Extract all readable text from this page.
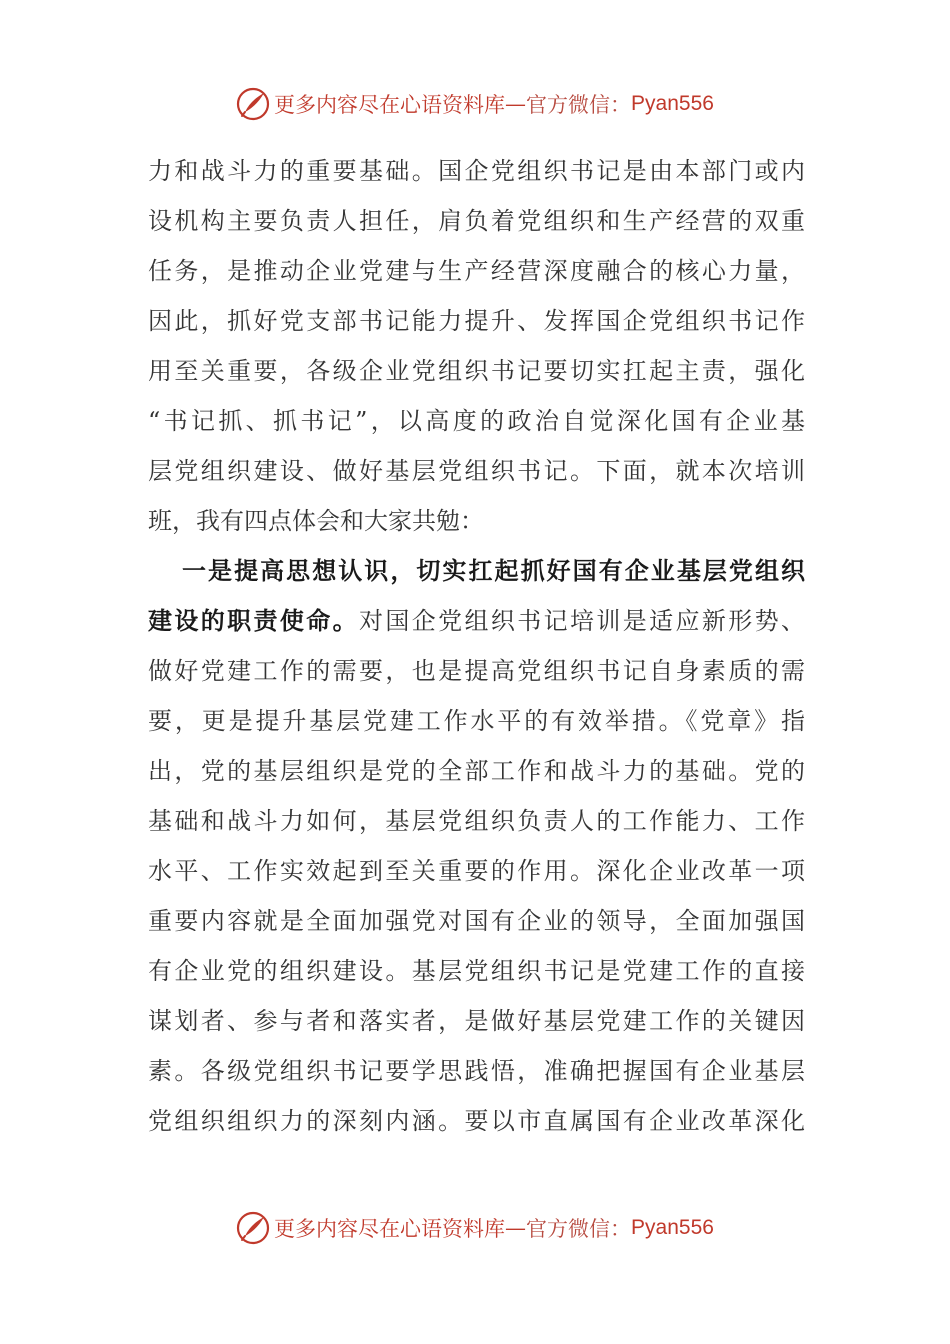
更多内容尽在心语资料库 — 官方微信： Pyan556
力和战斗力的重要基础。国企党组织书记是由本部门或内
设机构主要负责人担任，肩负着党组织和生产经营的双重
任务，是推动企业党建与生产经营深度融合的核心力量，
因此，抓好党支部书记能力提升、发挥国企党组织书记作
用至关重要，各级企业党组织书记要切实扛起主责，强化
“书记抓、抓书记”，以高度的政治自觉深化国有企业基
层党组织建设、做好基层党组织书记。下面，就本次培训
班，我有四点体会和大家共勉：
一是提高思想认识，切实扛起抓好国有企业基层党组织
建设的职责使命。对国企党组织书记培训是适应新形势、
做好党建工作的需要，也是提高党组织书记自身素质的需
要，更是提升基层党建工作水平的有效举措。《党章》指
出，党的基层组织是党的全部工作和战斗力的基础。党的
基础和战斗力如何，基层党组织负责人的工作能力、工作
水平、工作实效起到至关重要的作用。深化企业改革一项
重要内容就是全面加强党对国有企业的领导，全面加强国
有企业党的组织建设。基层党组织书记是党建工作的直接
谋划者、参与者和落实者，是做好基层党建工作的关键因
素。各级党组织书记要学思践悟，准确把握国有企业基层
党组织组织力的深刻内涵。要以市直属国有企业改革深化
更多内容尽在心语资料库 — 官方微信： Pyan556
